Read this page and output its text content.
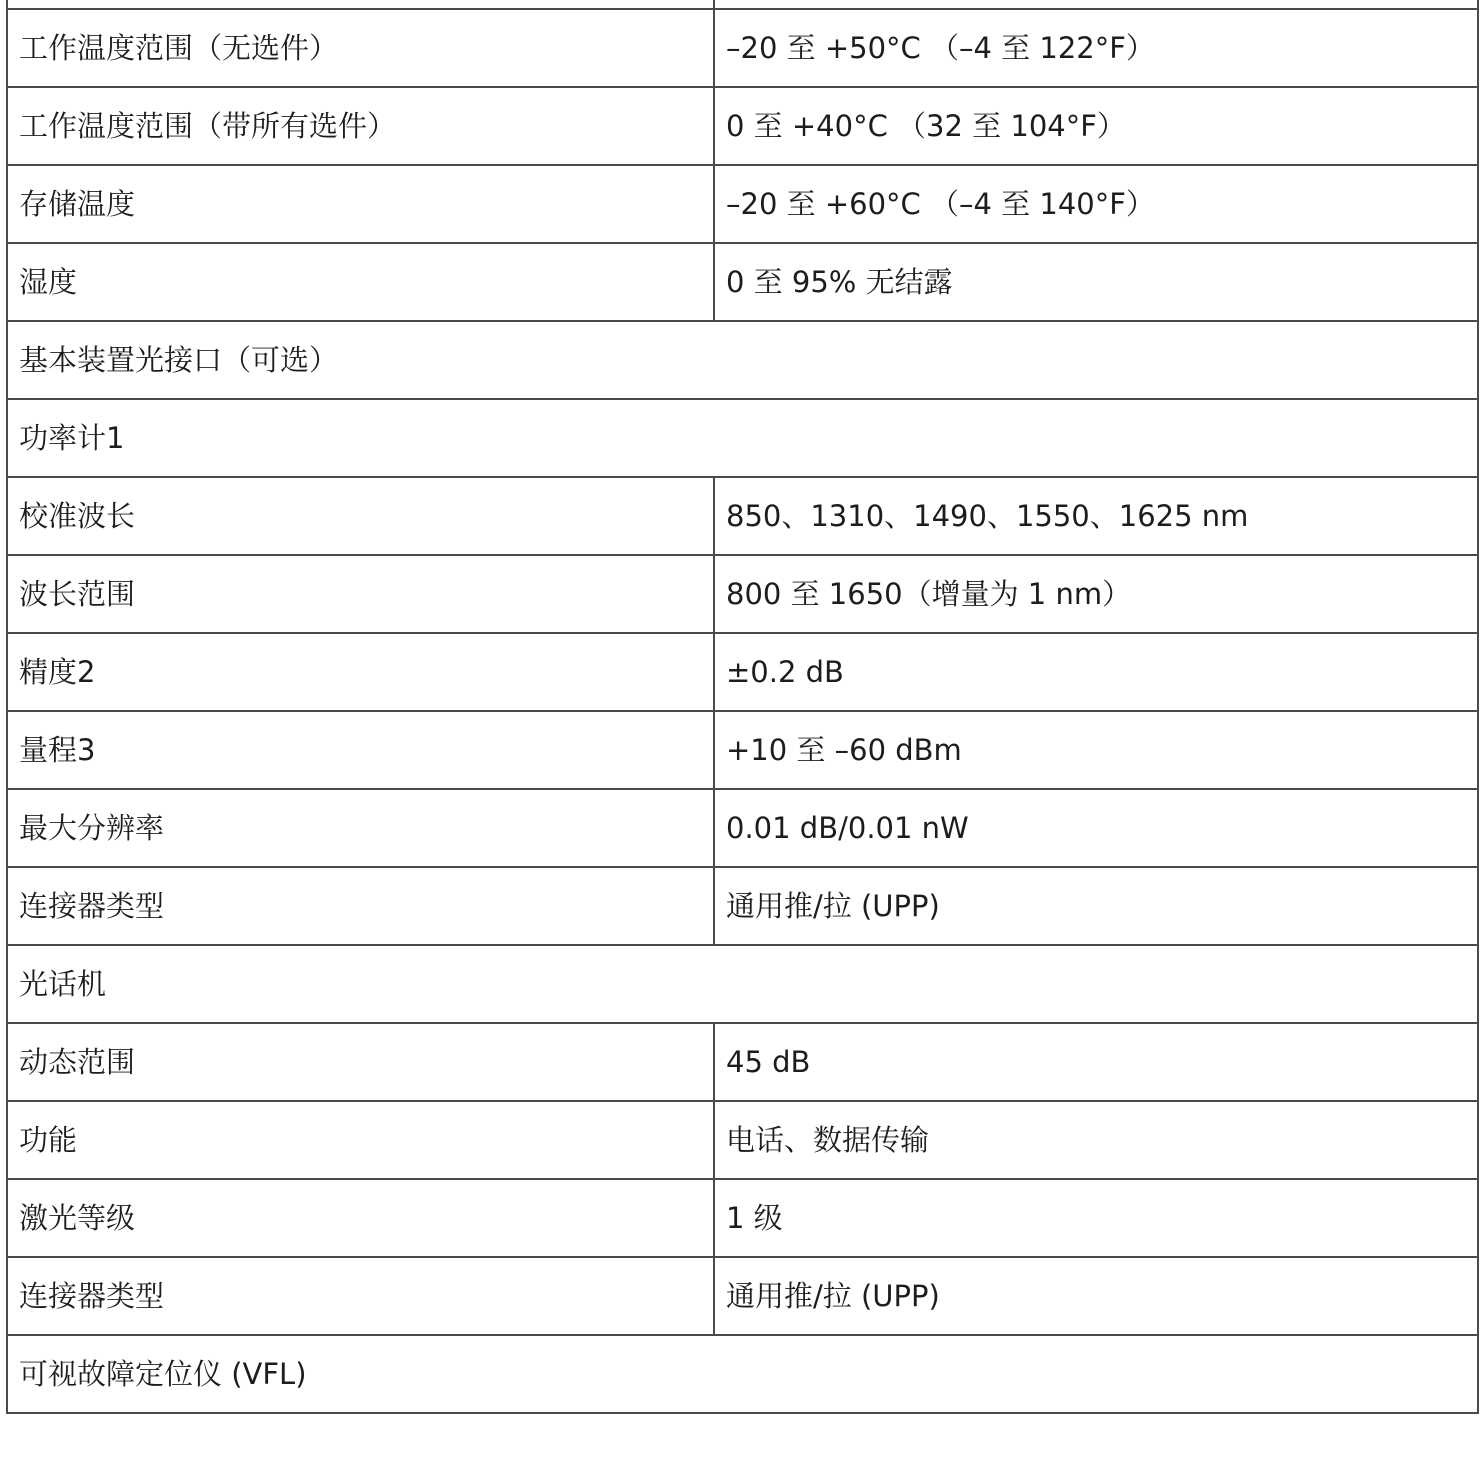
工作温度范围（无选件）	–20 至 +50°C （–4 至 122°F）
工作温度范围（带所有选件）	0 至 +40°C （32 至 104°F）
存储温度	–20 至 +60°C （–4 至 140°F）
湿度	0 至 95% 无结露
基本装置光接口（可选）	
功率计1	
校准波长	850、1310、1490、1550、1625 nm
波长范围	800 至 1650（增量为 1 nm）
精度2	±0.2 dB
量程3	+10 至 –60 dBm
最大分辨率	0.01 dB/0.01 nW
连接器类型	通用推/拉 (UPP)
光话机	
动态范围	45 dB
功能	电话、数据传输
激光等级	1 级
连接器类型	通用推/拉 (UPP)
可视故障定位仪 (VFL)	
